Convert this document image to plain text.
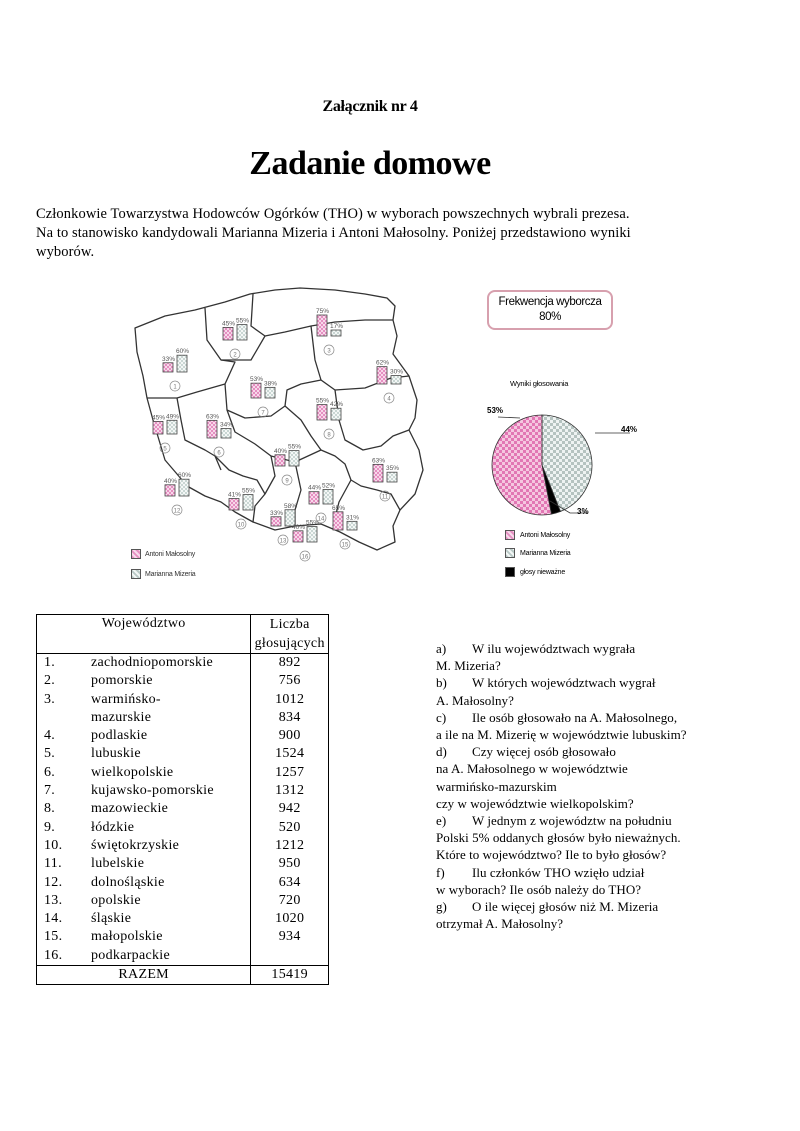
Załącznik nr 4
Zadanie domowe

Członkowie Towarzystwa Hodowców Ogórków (THO) w wyborach powszechnych wybrali prezesa.

Na to stanowisko kandydowali Marianna Mizeria i Antoni Małosolny. Poniżej przedstawiono wyniki

wyborów.

33%
60%
1
45% 55%
2
75%
17%
3
62%
30%
4
45% 49%
5
63%
34%
6
53%
38%
7
55%
42%
8
40%
55%
9
41%
55%
10
63%
35%
11
40%
60%
12	33%
58%
13
44% 52%
14
65%
31%
15
40%
55%
16
Antoni Małosolny
Marianna Mizeria
Frekwencja wyborcza
80%
Wyniki głosowania
53%
44%
3%
Antoni Małosolny
Marianna Mizeria
głosy nieważne
Województwo		Liczba
głosujących

1.	zachodniopomorskie	892
2.	pomorskie	756
3.	warmińsko-	1012
	mazurskie	834
4.	podlaskie	900
5.	lubuskie	1524
6.	wielkopolskie	1257
7.	kujawsko-pomorskie	1312
8.	mazowieckie	942
9.	łódzkie	520
10.	świętokrzyskie	1212
11.	lubelskie	950
12.	dolnośląskie	634
13.	opolskie	720
14.	śląskie	1020
15.	małopolskie	934
16.	podkarpackie	
RAZEM		15419

a) W ilu województwach wygrała

M. Mizeria?

b) W których województwach wygrał

A. Małosolny?

c) Ile osób głosowało na A. Małosolnego,

a ile na M. Mizerię w województwie lubuskim?

d) Czy więcej osób głosowało

na A. Małosolnego w województwie

warmińsko-mazurskim

czy w województwie wielkopolskim?

e) W jednym z województw na południu

Polski 5% oddanych głosów było nieważnych.

Które to województwo? Ile to było głosów?

f) Ilu członków THO wzięło udział

w wyborach? Ile osób należy do THO?

g) O ile więcej głosów niż M. Mizeria

otrzymał A. Małosolny?
